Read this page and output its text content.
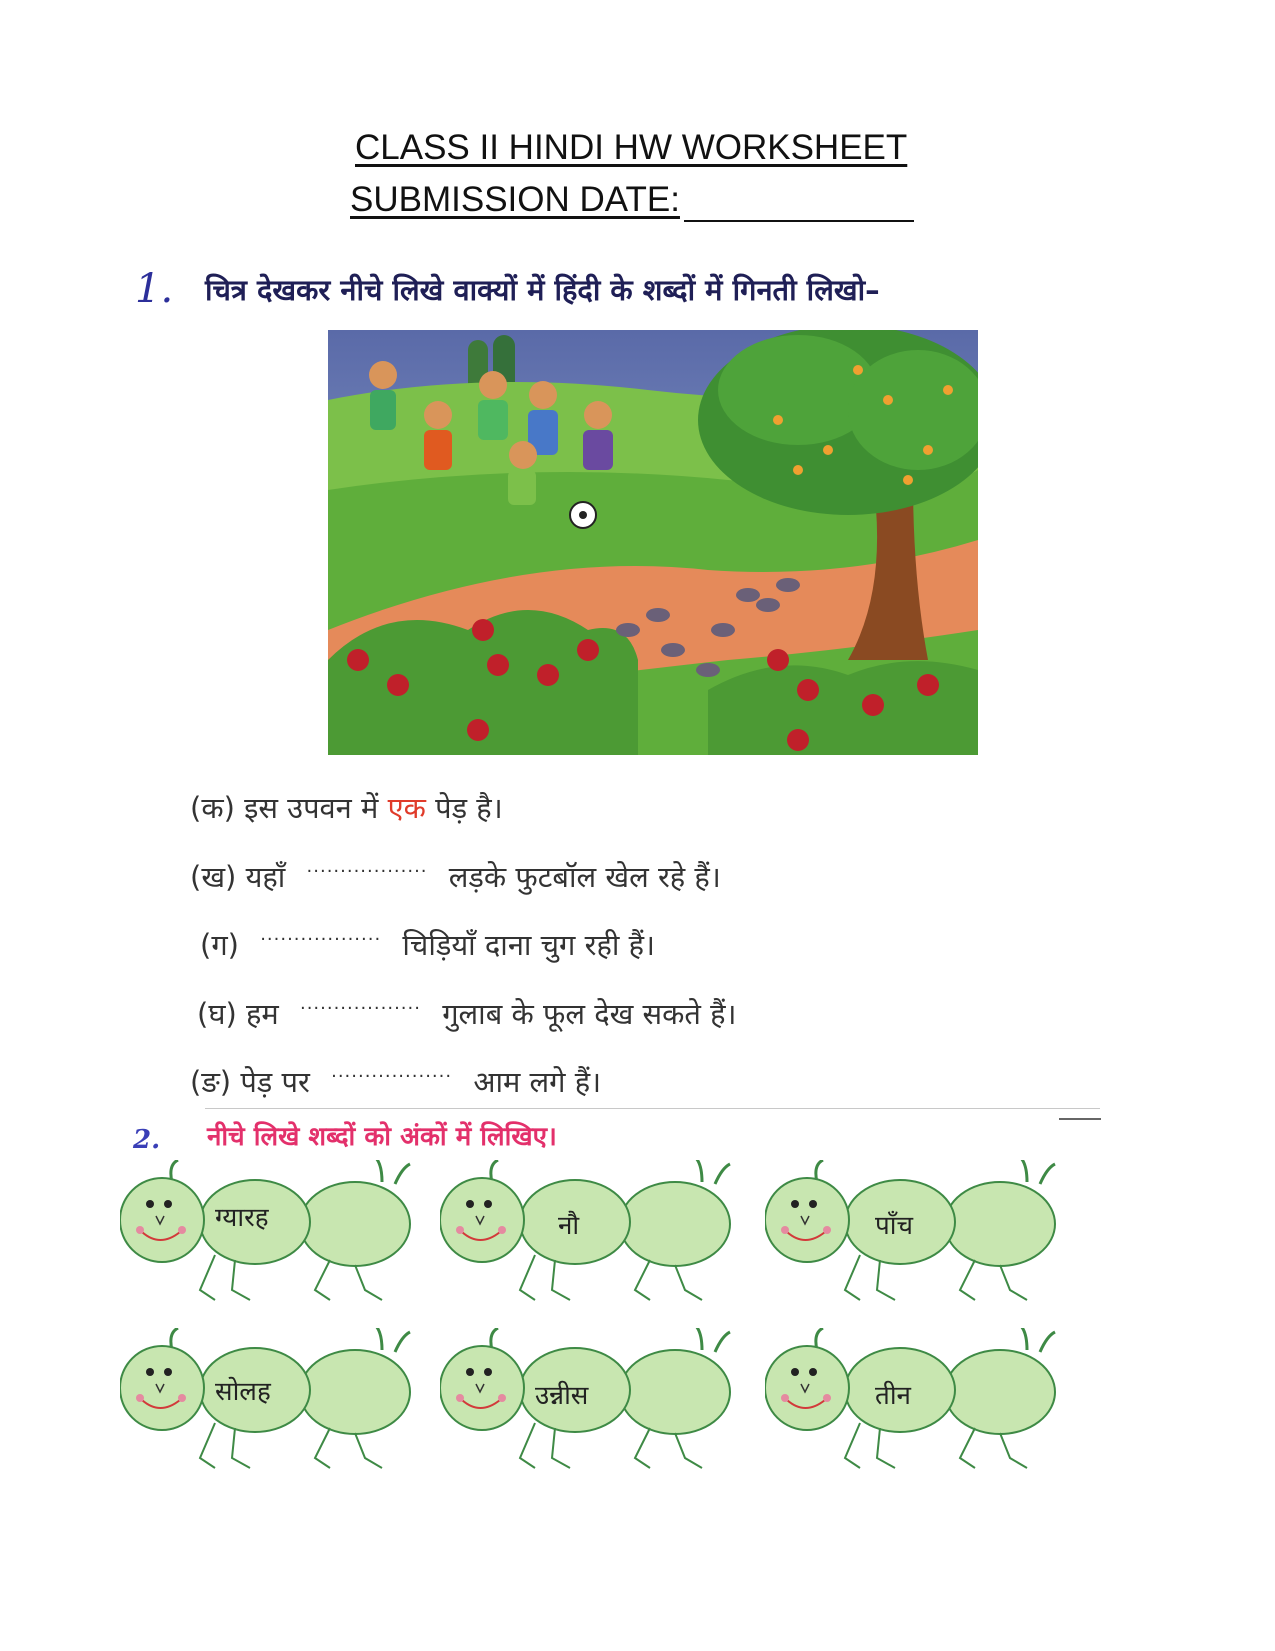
CLASS II HINDI HW WORKSHEET
SUBMISSION DATE:
1. चित्र देखकर नीचे लिखे वाक्यों में हिंदी के शब्दों में गिनती लिखो–
(क) इस उपवन में एक पेड़ है।
(ख) यहाँ ·················· लड़के फुटबॉल खेल रहे हैं।
(ग) ·················· चिड़ियाँ दाना चुग रही हैं।
(घ) हम ·················· गुलाब के फूल देख सकते हैं।
(ङ) पेड़ पर ·················· आम लगे हैं।
2. नीचे लिखे शब्दों को अंकों में लिखिए।
ग्यारह	नौ	पाँच
सोलह	उन्नीस	तीन
